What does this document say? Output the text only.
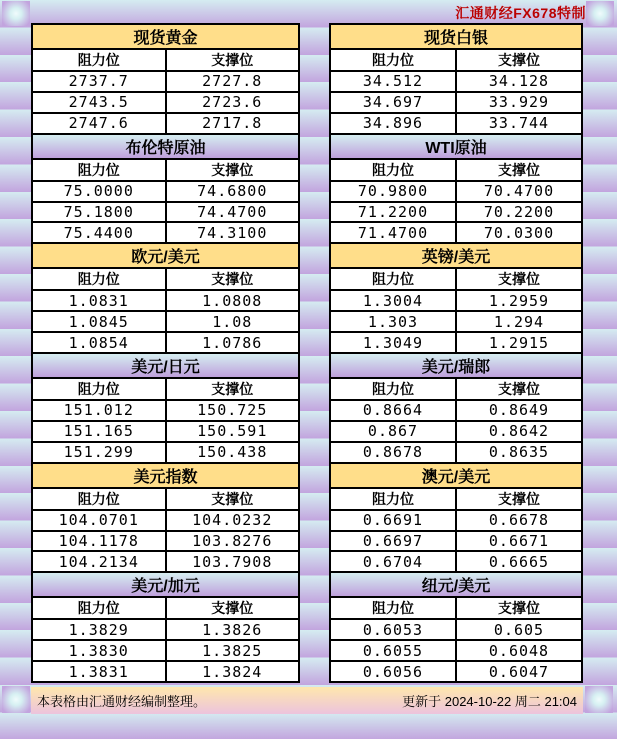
汇通财经FX678特制
现货黄金
阻力位	支撑位
2737.7	2727.8
2743.5	2723.6
2747.6	2717.8
布伦特原油
阻力位	支撑位
75.0000	74.6800
75.1800	74.4700
75.4400	74.3100
欧元/美元
阻力位	支撑位
1.0831	1.0808
1.0845	1.08
1.0854	1.0786
美元/日元
阻力位	支撑位
151.012	150.725
151.165	150.591
151.299	150.438
美元指数
阻力位	支撑位
104.0701	104.0232
104.1178	103.8276
104.2134	103.7908
美元/加元
阻力位	支撑位
1.3829	1.3826
1.3830	1.3825
1.3831	1.3824
现货白银
阻力位	支撑位
34.512	34.128
34.697	33.929
34.896	33.744
WTI原油
阻力位	支撑位
70.9800	70.4700
71.2200	70.2200
71.4700	70.0300
英镑/美元
阻力位	支撑位
1.3004	1.2959
1.303	1.294
1.3049	1.2915
美元/瑞郎
阻力位	支撑位
0.8664	0.8649
0.867	0.8642
0.8678	0.8635
澳元/美元
阻力位	支撑位
0.6691	0.6678
0.6697	0.6671
0.6704	0.6665
纽元/美元
阻力位	支撑位
0.6053	0.605
0.6055	0.6048
0.6056	0.6047
本表格由汇通财经编制整理。	更新于 2024-10-22 周二 21:04
